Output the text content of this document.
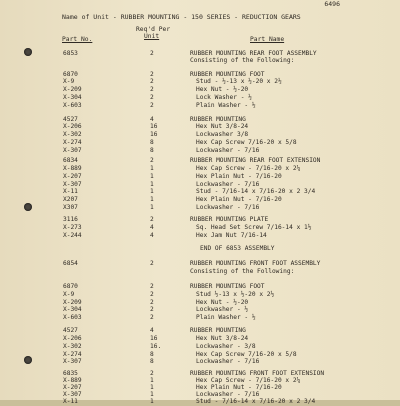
6496
Name of Unit - RUBBER MOUNTING - 150 SERIES - REDUCTION GEARS
Part No.
Req'd Per
Unit	Part Name
6853	2	RUBBER MOUNTING REAR FOOT ASSEMBLY
Consisting of the Following:
6870	2	RUBBER MOUNTING FOOT
X-9	2	Stud - ½-13 x ½-20 x 2½
X-209	2	Hex Nut - ½-20
X-304	2	Lock Washer - ½
X-603	2	Plain Washer - ½
4527	4	RUBBER MOUNTING
X-206	16	Hex Nut 3/8-24
X-302	16	Lockwasher 3/8
X-274	8	Hex Cap Screw 7/16-20 x 5/8
X-307	8	Lockwasher - 7/16
6834	2	RUBBER MOUNTING REAR FOOT EXTENSION
X-889	1	Hex Cap Screw - 7/16-20 x 2¼
X-207	1	Hex Plain Nut - 7/16-20
X-307	1	Lockwasher - 7/16
X-11	1	Stud - 7/16-14 x 7/16-20 x 2 3/4
X207	1	Hex Plain Nut - 7/16-20
X307	1	Lockwasher - 7/16
3116	2	RUBBER MOUNTING PLATE
X-273	4	Sq. Head Set Screw 7/16-14 x 1½
X-244	4	Hex Jam Nut 7/16-14
END OF 6853 ASSEMBLY
6854	2	RUBBER MOUNTING FRONT FOOT ASSEMBLY
Consisting of the Following:
6870	2	RUBBER MOUNTING FOOT
X-9	2	Stud ½-13 x ½-20 x 2½
X-209	2	Hex Nut - ½-20
X-304	2	Lockwasher - ½
X-603	2	Plain Washer - ½
4527	4	RUBBER MOUNTING
X-206	16	Hex Nut 3/8-24
X-302	16.	Lockwasher - 3/8
X-274	8	Hex Cap Screw 7/16-20 x 5/8
X-307	8	Lockwasher - 7/16
6835	2	RUBBER MOUNTING FRONT FOOT EXTENSION
X-889	1	Hex Cap Screw - 7/16-20 x 2¼
X-207	1	Hex Plain Nut - 7/16-20
X-307	1	Lockwasher - 7/16
X-11	1	Stud - 7/16-14 x 7/16-20 x 2 3/4
